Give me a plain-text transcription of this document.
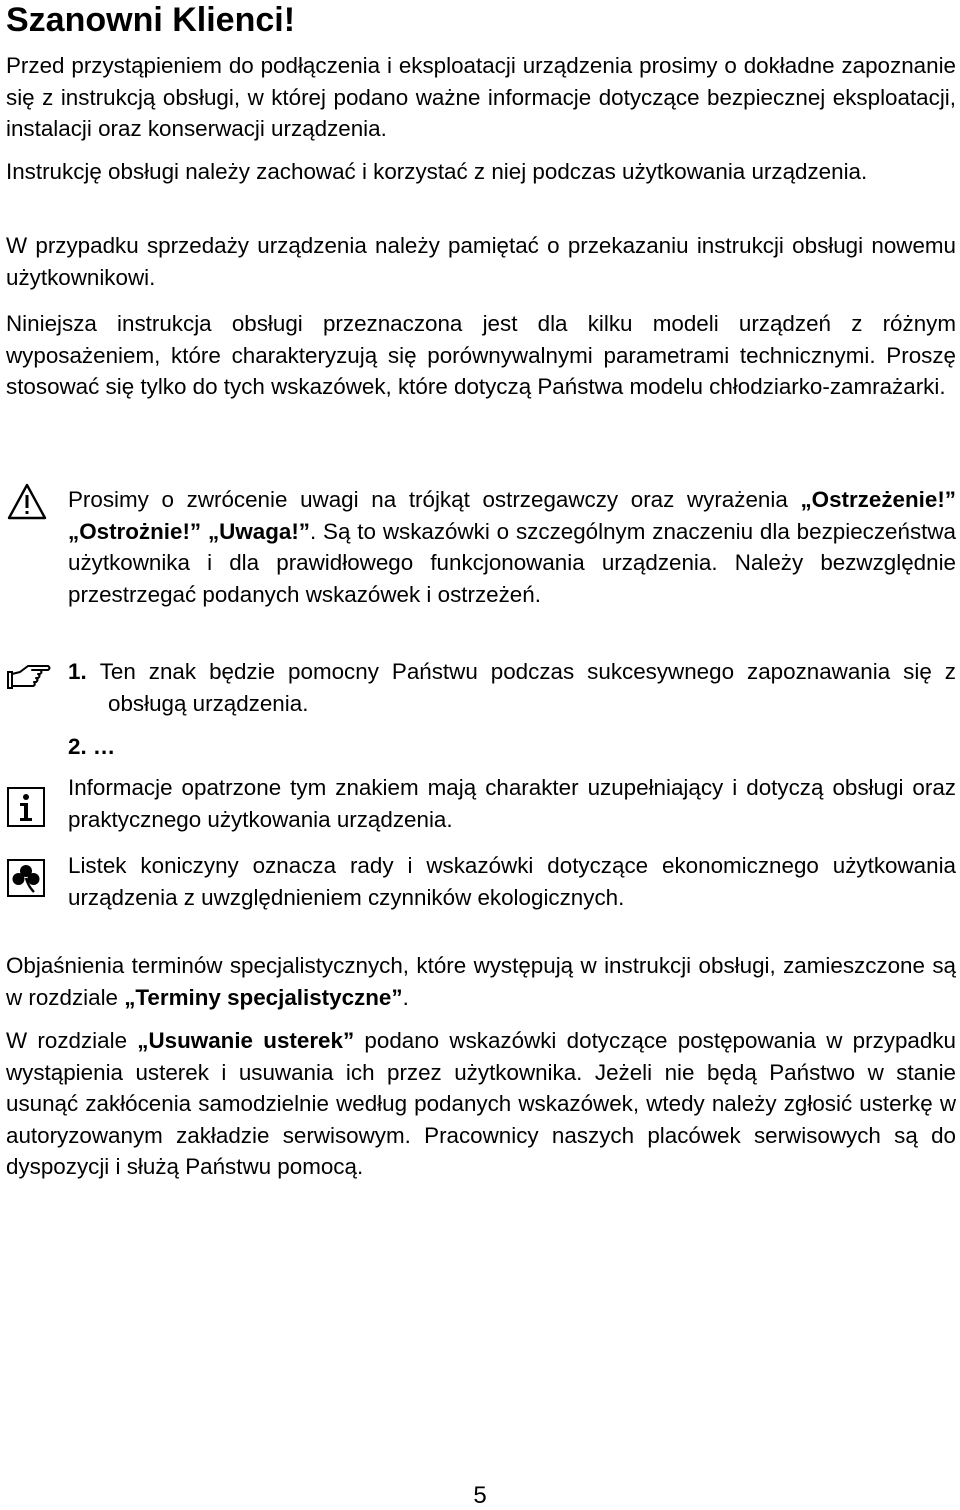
Szanowni Klienci!

Przed przystąpieniem do podłączenia i eksploatacji urządzenia prosimy o dokładne zapoznanie się z instrukcją obsługi, w której podano ważne informacje dotyczące bezpiecznej eksploatacji, instalacji oraz konserwacji urządzenia.

Instrukcję obsługi należy zachować i korzystać z niej podczas użytkowania urządzenia.

W przypadku sprzedaży urządzenia należy pamiętać o przekazaniu instrukcji obsługi nowemu użytkownikowi.

Niniejsza instrukcja obsługi przeznaczona jest dla kilku modeli urządzeń z różnym wyposażeniem, które charakteryzują się porównywalnymi parametrami technicznymi. Proszę stosować się tylko do tych wskazówek, które dotyczą Państwa modelu chłodziarko-zamrażarki.

Prosimy o zwrócenie uwagi na trójkąt ostrzegawczy oraz wyrażenia „Ostrzeżenie!” „Ostrożnie!” „Uwaga!”. Są to wskazówki o szczególnym znaczeniu dla bezpieczeństwa użytkownika i dla prawidłowego funkcjonowania urządzenia. Należy bezwzględnie przestrzegać podanych wskazówek i ostrzeżeń.

1. Ten znak będzie pomocny Państwu podczas sukcesywnego zapoznawania się z obsługą urządzenia.
2. …

Informacje opatrzone tym znakiem mają charakter uzupełniający i dotyczą obsługi oraz praktycznego użytkowania urządzenia.

Listek koniczyny oznacza rady i wskazówki dotyczące ekonomicznego użytkowania urządzenia z uwzględnieniem czynników ekologicznych.

Objaśnienia terminów specjalistycznych, które występują w instrukcji obsługi, zamieszczone są w rozdziale „Terminy specjalistyczne”.

W rozdziale „Usuwanie usterek” podano wskazówki dotyczące postępowania w przypadku wystąpienia usterek i usuwania ich przez użytkownika. Jeżeli nie będą Państwo w stanie usunąć zakłócenia samodzielnie według podanych wskazówek, wtedy należy zgłosić usterkę w autoryzowanym zakładzie serwisowym. Pracownicy naszych placówek serwisowych są do dyspozycji i służą Państwu pomocą.

5
